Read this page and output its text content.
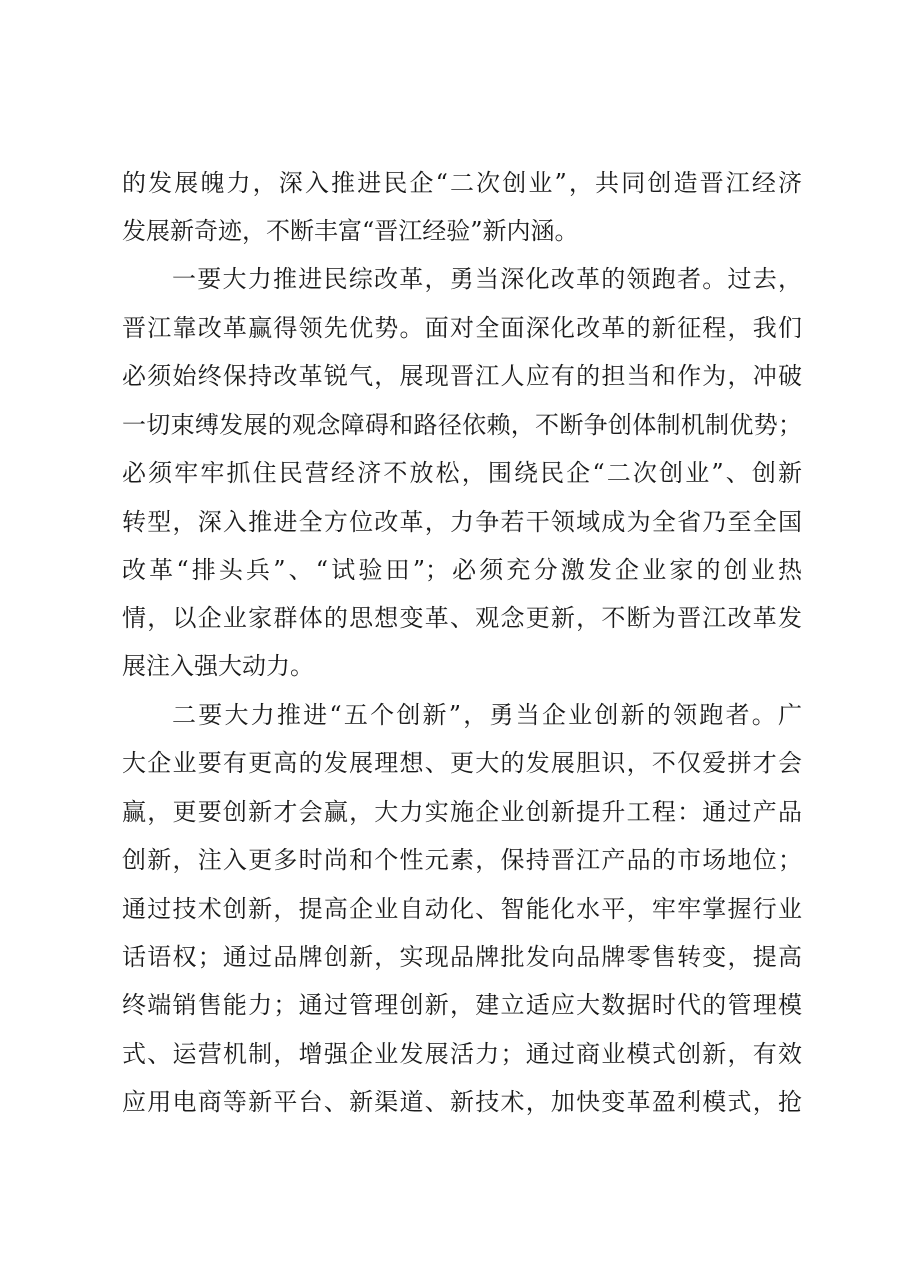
的发展魄力，深入推进民企“二次创业”，共同创造晋江经济
发展新奇迹，不断丰富“晋江经验”新内涵。
一要大力推进民综改革，勇当深化改革的领跑者。过去，
晋江靠改革赢得领先优势。面对全面深化改革的新征程，我们
必须始终保持改革锐气，展现晋江人应有的担当和作为，冲破
一切束缚发展的观念障碍和路径依赖，不断争创体制机制优势；
必须牢牢抓住民营经济不放松，围绕民企“二次创业”、创新
转型，深入推进全方位改革，力争若干领域成为全省乃至全国
改革“排头兵”、“试验田”；必须充分激发企业家的创业热
情，以企业家群体的思想变革、观念更新，不断为晋江改革发
展注入强大动力。
二要大力推进“五个创新”，勇当企业创新的领跑者。广
大企业要有更高的发展理想、更大的发展胆识，不仅爱拼才会
赢，更要创新才会赢，大力实施企业创新提升工程：通过产品
创新，注入更多时尚和个性元素，保持晋江产品的市场地位；
通过技术创新，提高企业自动化、智能化水平，牢牢掌握行业
话语权；通过品牌创新，实现品牌批发向品牌零售转变，提高
终端销售能力；通过管理创新，建立适应大数据时代的管理模
式、运营机制，增强企业发展活力；通过商业模式创新，有效
应用电商等新平台、新渠道、新技术，加快变革盈利模式，抢
